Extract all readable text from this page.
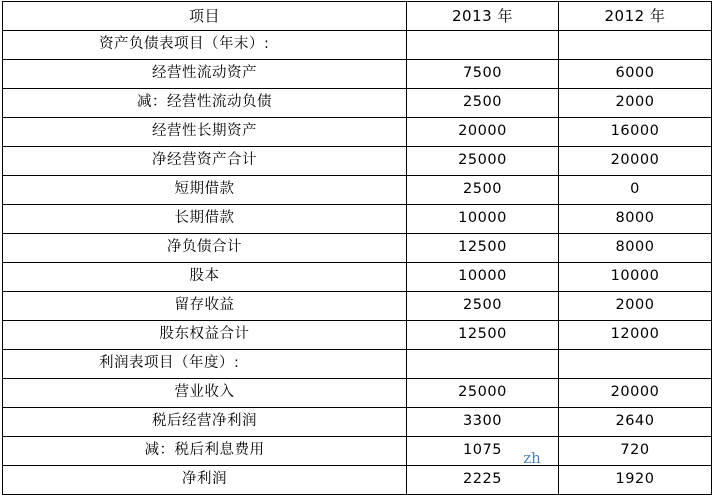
项目	2013 年	2012 年
资产负债表项目（年末）:		
经营性流动资产	7500	6000
减：经营性流动负债	2500	2000
经营性长期资产	20000	16000
净经营资产合计	25000	20000
短期借款	2500	0
长期借款	10000	8000
净负债合计	12500	8000
股本	10000	10000
留存收益	2500	2000
股东权益合计	12500	12000
利润表项目（年度）:		
营业收入	25000	20000
税后经营净利润	3300	2640
减：税后利息费用	1075	720
净利润	2225	1920
zh
